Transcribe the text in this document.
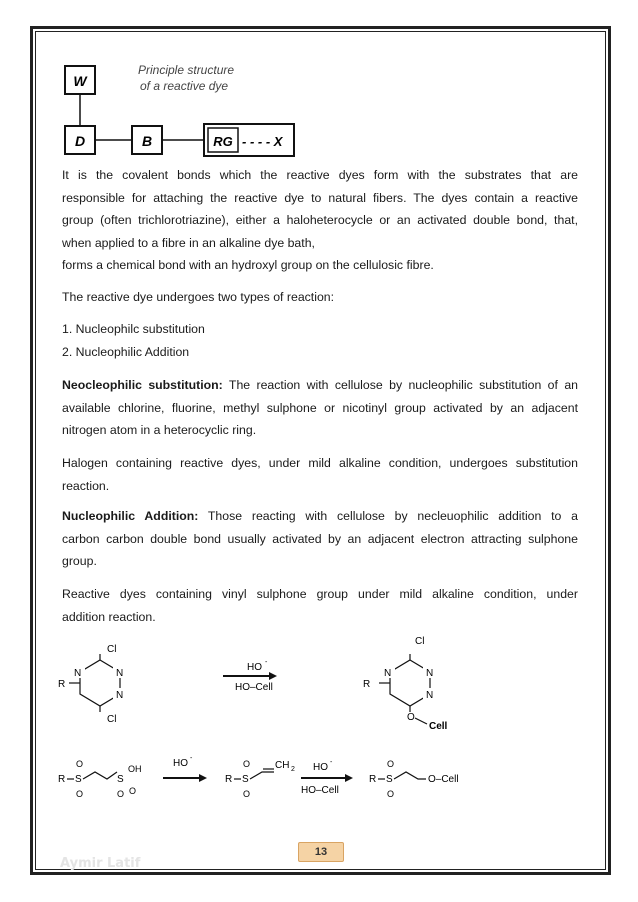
W
D	B	RG - - - - X
Principle structure
of a reactive dye
It is the covalent bonds which the reactive dyes form with the substrates that are
responsible for attaching the reactive dye to natural fibers. The dyes contain a reactive
group (often trichlorotriazine), either a haloheterocycle or an activated double bond, that,
when applied to a fibre in an alkaline dye bath,
forms a chemical bond with an hydroxyl group on the cellulosic fibre.
The reactive dye undergoes two types of reaction:
1. Nucleophilc substitution
2. Nucleophilic Addition
Neocleophilic substitution: The reaction with cellulose by nucleophilic substitution of an
available chlorine, fluorine, methyl sulphone or nicotinyl group activated by an adjacent
nitrogen atom in a heterocyclic ring.
Halogen containing reactive dyes, under mild alkaline condition, undergoes substitution
reaction.
Nucleophilic Addition: Those reacting with cellulose by necleuophilic addition to a
carbon carbon double bond usually activated by an adjacent electron attracting sulphone
group.
Reactive dyes containing vinyl sulphone group under mild alkaline condition, under
addition reaction.
N	N
N
Cl
Cl
R
HO -
HO–Cell
N	N
N
Cl
O
Cell
R
R S
O
O
S
OH
O O
HO -
R S
O
O
CH 2 HO -
HO–Cell
R S
O
O
O–Cell
13
Aymir Latif
